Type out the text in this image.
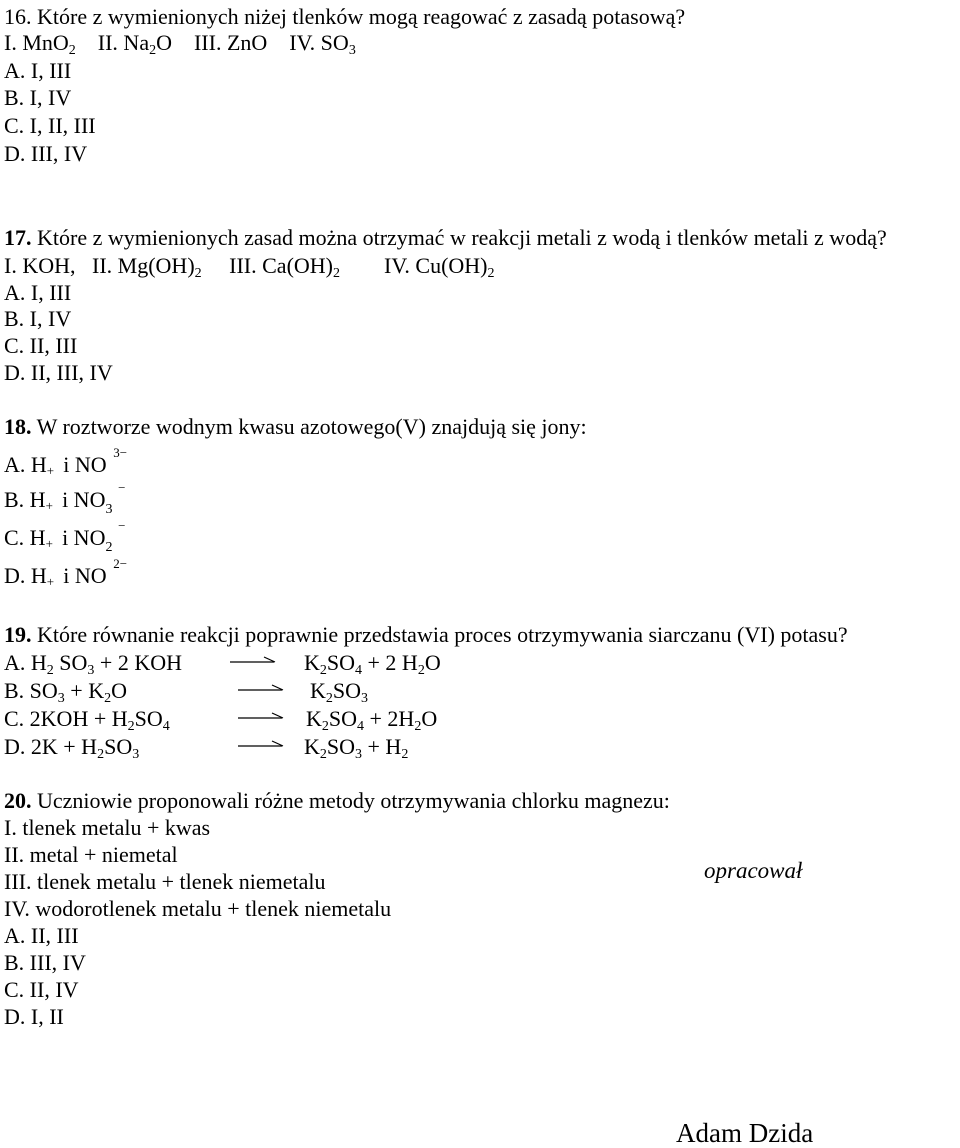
16. Które z wymienionych niżej tlenków mogą reagować z zasadą potasową?
I. MnO$_2$ II. $Na_2O$ III. ZnO IV. $SO_3$
A. I, III
B. I, IV
C. I, II, III
D. III, IV
17. Które z wymienionych zasad można otrzymać w reakcji metali z wodą i tlenków metali z wodą?
I. KOH, II. $Mg(OH)_2$ III. $Ca(OH)_2$ IV. $Cu(OH)_2$
A. I, III
B. I, IV
C. II, III
D. II, III, IV
18. W roztworze wodnym kwasu azotowego(V) znajdują się jony:
A. H + i NO 3−
B. H + i $NO_3$
−
C. H + i $NO_2$
−
D. H + i NO 2−
19. Które równanie reakcji poprawnie przedstawia proces otrzymywania siarczanu (VI) potasu?
A. $H_2$ $SO_3 + 2$ KOH → $K_2SO_4 + 2$ $H_2O$
B. $SO_3 + K_2O$	→ $K_2SO_3$
C. $2KOH + H_2SO_4 \to K_2SO_4 + 2H_2O$
D. $2K + H_2SO_3 \to K_2SO_3 + H_2$
20. Uczniowie proponowali różne metody otrzymywania chlorku magnezu:
I. tlenek metalu + kwas
II. metal + niemetal
III. tlenek metalu + tlenek niemetalu
IV. wodorotlenek metalu + tlenek niemetalu
A. II, III
B. III, IV
C. II, IV
D. I, II
opracował
Adam Dzida
